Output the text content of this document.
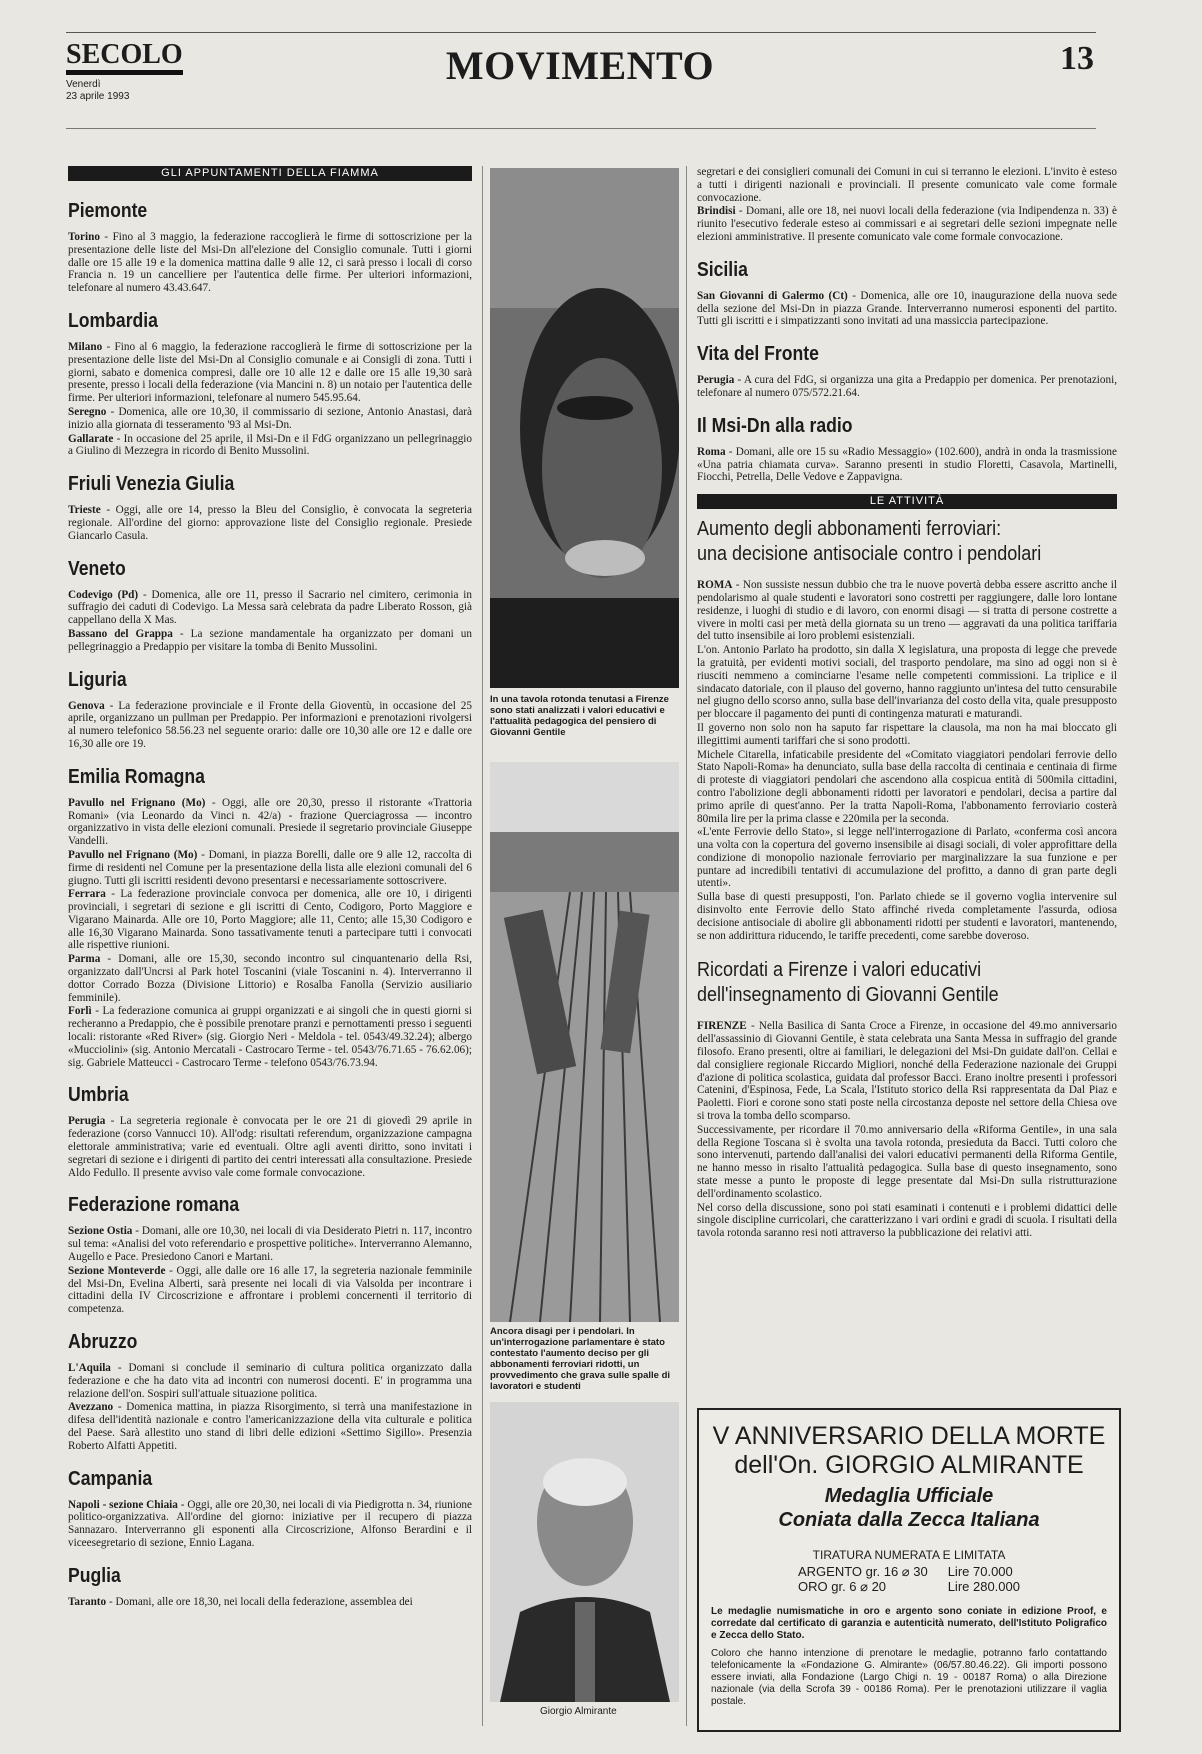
SECOLO
Venerdì
23 aprile 1993
MOVIMENTO	13
GLI APPUNTAMENTI DELLA FIAMMA
Piemonte

Torino - Fino al 3 maggio, la federazione raccoglierà le firme di sottoscrizione per la presentazione delle liste del Msi-Dn all'elezione del Consiglio comunale. Tutti i giorni dalle ore 15 alle 19 e la domenica mattina dalle 9 alle 12, ci sarà presso i locali di corso Francia n. 19 un cancelliere per l'autentica delle firme. Per ulteriori informazioni, telefonare al numero 43.43.647.

Lombardia

Milano - Fino al 6 maggio, la federazione raccoglierà le firme di sottoscrizione per la presentazione delle liste del Msi-Dn al Consiglio comunale e ai Consigli di zona. Tutti i giorni, sabato e domenica compresi, dalle ore 10 alle 12 e dalle ore 15 alle 19,30 sarà presente, presso i locali della federazione (via Mancini n. 8) un notaio per l'autentica delle firme. Per ulteriori informazioni, telefonare al numero 545.95.64.

Seregno - Domenica, alle ore 10,30, il commissario di sezione, Antonio Anastasi, darà inizio alla giornata di tesseramento '93 al Msi-Dn.

Gallarate - In occasione del 25 aprile, il Msi-Dn e il FdG organizzano un pellegrinaggio a Giulino di Mezzegra in ricordo di Benito Mussolini.

Friuli Venezia Giulia

Trieste - Oggi, alle ore 14, presso la Bleu del Consiglio, è convocata la segreteria regionale. All'ordine del giorno: approvazione liste del Consiglio regionale. Presiede Giancarlo Casula.

Veneto

Codevigo (Pd) - Domenica, alle ore 11, presso il Sacrario nel cimitero, cerimonia in suffragio dei caduti di Codevigo. La Messa sarà celebrata da padre Liberato Rosson, già cappellano della X Mas.

Bassano del Grappa - La sezione mandamentale ha organizzato per domani un pellegrinaggio a Predappio per visitare la tomba di Benito Mussolini.

Liguria

Genova - La federazione provinciale e il Fronte della Gioventù, in occasione del 25 aprile, organizzano un pullman per Predappio. Per informazioni e prenotazioni rivolgersi al numero telefonico 58.56.23 nel seguente orario: dalle ore 10,30 alle ore 12 e dalle ore 16,30 alle ore 19.

Emilia Romagna

Pavullo nel Frignano (Mo) - Oggi, alle ore 20,30, presso il ristorante «Trattoria Romani» (via Leonardo da Vinci n. 42/a) - frazione Querciagrossa — incontro organizzativo in vista delle elezioni comunali. Presiede il segretario provinciale Giuseppe Vandelli.

Pavullo nel Frignano (Mo) - Domani, in piazza Borelli, dalle ore 9 alle 12, raccolta di firme di residenti nel Comune per la presentazione della lista alle elezioni comunali del 6 giugno. Tutti gli iscritti residenti devono presentarsi e necessariamente sottoscrivere.

Ferrara - La federazione provinciale convoca per domenica, alle ore 10, i dirigenti provinciali, i segretari di sezione e gli iscritti di Cento, Codigoro, Porto Maggiore e Vigarano Mainarda. Alle ore 10, Porto Maggiore; alle 11, Cento; alle 15,30 Codigoro e alle 16,30 Vigarano Mainarda. Sono tassativamente tenuti a partecipare tutti i convocati alle rispettive riunioni.

Parma - Domani, alle ore 15,30, secondo incontro sul cinquantenario della Rsi, organizzato dall'Uncrsi al Park hotel Toscanini (viale Toscanini n. 4). Interverranno il dottor Corrado Bozza (Divisione Littorio) e Rosalba Fanolla (Servizio ausiliario femminile).

Forlì - La federazione comunica ai gruppi organizzati e ai singoli che in questi giorni si recheranno a Predappio, che è possibile prenotare pranzi e pernottamenti presso i seguenti locali: ristorante «Red River» (sig. Giorgio Neri - Meldola - tel. 0543/49.32.24); albergo «Mucciolini» (sig. Antonio Mercatali - Castrocaro Terme - tel. 0543/76.71.65 - 76.62.06); sig. Gabriele Matteucci - Castrocaro Terme - telefono 0543/76.73.94.

Umbria

Perugia - La segreteria regionale è convocata per le ore 21 di giovedì 29 aprile in federazione (corso Vannucci 10). All'odg: risultati referendum, organizzazione campagna elettorale amministrativa; varie ed eventuali. Oltre agli aventi diritto, sono invitati i segretari di sezione e i dirigenti di partito dei centri interessati alla consultazione. Presiede Aldo Fedullo. Il presente avviso vale come formale convocazione.

Federazione romana

Sezione Ostia - Domani, alle ore 10,30, nei locali di via Desiderato Pietri n. 117, incontro sul tema: «Analisi del voto referendario e prospettive politiche». Interverranno Alemanno, Augello e Pace. Presiedono Canori e Martani.

Sezione Monteverde - Oggi, alle dalle ore 16 alle 17, la segreteria nazionale femminile del Msi-Dn, Evelina Alberti, sarà presente nei locali di via Valsolda per incontrare i cittadini della IV Circoscrizione e affrontare i problemi concernenti il territorio di competenza.

Abruzzo

L'Aquila - Domani si conclude il seminario di cultura politica organizzato dalla federazione e che ha dato vita ad incontri con numerosi docenti. E' in programma una relazione dell'on. Sospiri sull'attuale situazione politica.

Avezzano - Domenica mattina, in piazza Risorgimento, si terrà una manifestazione in difesa dell'identità nazionale e contro l'americanizzazione della vita culturale e politica del Paese. Sarà allestito uno stand di libri delle edizioni «Settimo Sigillo». Presenzia Roberto Alfatti Appetiti.

Campania

Napoli - sezione Chiaia - Oggi, alle ore 20,30, nei locali di via Piedigrotta n. 34, riunione politico-organizzativa. All'ordine del giorno: iniziative per il recupero di piazza Sannazaro. Interverranno gli esponenti alla Circoscrizione, Alfonso Berardini e il viceesegretario di sezione, Ennio Lagana.

Puglia

Taranto - Domani, alle ore 18,30, nei locali della federazione, assemblea dei

In una tavola rotonda tenutasi a Firenze sono stati analizzati i valori educativi e l'attualità pedagogica del pensiero di Giovanni Gentile
Ancora disagi per i pendolari. In un'interrogazione parlamentare è stato contestato l'aumento deciso per gli abbonamenti ferroviari ridotti, un provvedimento che grava sulle spalle di lavoratori e studenti
Giorgio Almirante

segretari e dei consiglieri comunali dei Comuni in cui si terranno le elezioni. L'invito è esteso a tutti i dirigenti nazionali e provinciali. Il presente comunicato vale come formale convocazione.

Brindisi - Domani, alle ore 18, nei nuovi locali della federazione (via Indipendenza n. 33) è riunito l'esecutivo federale esteso ai commissari e ai segretari delle sezioni impegnate nelle elezioni amministrative. Il presente comunicato vale come formale convocazione.

Sicilia

San Giovanni di Galermo (Ct) - Domenica, alle ore 10, inaugurazione della nuova sede della sezione del Msi-Dn in piazza Grande. Interverranno numerosi esponenti del partito. Tutti gli iscritti e i simpatizzanti sono invitati ad una massiccia partecipazione.

Vita del Fronte

Perugia - A cura del FdG, si organizza una gita a Predappio per domenica. Per prenotazioni, telefonare al numero 075/572.21.64.

Il Msi-Dn alla radio

Roma - Domani, alle ore 15 su «Radio Messaggio» (102.600), andrà in onda la trasmissione «Una patria chiamata curva». Saranno presenti in studio Floretti, Casavola, Martinelli, Fiocchi, Petrella, Delle Vedove e Zappavigna.

LE ATTIVITÀ
Aumento degli abbonamenti ferroviari:
una decisione antisociale contro i pendolari

ROMA - Non sussiste nessun dubbio che tra le nuove povertà debba essere ascritto anche il pendolarismo al quale studenti e lavoratori sono costretti per raggiungere, dalle loro lontane residenze, i luoghi di studio e di lavoro, con enormi disagi — si tratta di persone costrette a vivere in molti casi per metà della giornata su un treno — aggravati da una politica tariffaria del tutto insensibile ai loro problemi esistenziali.

L'on. Antonio Parlato ha prodotto, sin dalla X legislatura, una proposta di legge che prevede la gratuità, per evidenti motivi sociali, del trasporto pendolare, ma sino ad oggi non si è riusciti nemmeno a cominciarne l'esame nelle competenti commissioni. La triplice e il sindacato datoriale, con il plauso del governo, hanno raggiunto un'intesa del tutto censurabile nel giugno dello scorso anno, sulla base dell'invarianza del costo della vita, quale presupposto per bloccare il pagamento dei punti di contingenza maturati e maturandi.

Il governo non solo non ha saputo far rispettare la clausola, ma non ha mai bloccato gli illegittimi aumenti tariffari che si sono prodotti.

Michele Citarella, infaticabile presidente del «Comitato viaggiatori pendolari ferrovie dello Stato Napoli-Roma» ha denunciato, sulla base della raccolta di centinaia e centinaia di firme di proteste di viaggiatori pendolari che ascendono alla cospicua entità di 500mila cittadini, contro l'abolizione degli abbonamenti ridotti per lavoratori e pendolari, decisa a partire dal primo aprile di quest'anno. Per la tratta Napoli-Roma, l'abbonamento ferroviario costerà 80mila lire per la prima classe e 220mila per la seconda.

«L'ente Ferrovie dello Stato», si legge nell'interrogazione di Parlato, «conferma così ancora una volta con la copertura del governo insensibile ai disagi sociali, di voler approfittare della condizione di monopolio nazionale ferroviario per marginalizzare la sua funzione e per puntare ad incredibili tentativi di accumulazione del profitto, a danno di gran parte degli utenti».

Sulla base di questi presupposti, l'on. Parlato chiede se il governo voglia intervenire sul disinvolto ente Ferrovie dello Stato affinché riveda completamente l'assurda, odiosa decisione antisociale di abolire gli abbonamenti ridotti per studenti e lavoratori, mantenendo, se non addirittura riducendo, le tariffe precedenti, come sarebbe doveroso.

Ricordati a Firenze i valori educativi
dell'insegnamento di Giovanni Gentile

FIRENZE - Nella Basilica di Santa Croce a Firenze, in occasione del 49.mo anniversario dell'assassinio di Giovanni Gentile, è stata celebrata una Santa Messa in suffragio del grande filosofo. Erano presenti, oltre ai familiari, le delegazioni del Msi-Dn guidate dall'on. Cellai e dal consigliere regionale Riccardo Migliori, nonché della Federazione nazionale dei Gruppi d'azione di politica scolastica, guidata dal professor Bacci. Erano inoltre presenti i professori Catenini, d'Espinosa, Fede, La Scala, l'Istituto storico della Rsi rappresentata da Dal Piaz e Paoletti. Fiori e corone sono stati poste nella circostanza deposte nel settore della Chiesa ove si trova la tomba dello scomparso.

Successivamente, per ricordare il 70.mo anniversario della «Riforma Gentile», in una sala della Regione Toscana si è svolta una tavola rotonda, presieduta da Bacci. Tutti coloro che sono intervenuti, partendo dall'analisi dei valori educativi permanenti della Riforma Gentile, ne hanno messo in risalto l'attualità pedagogica. Sulla base di questo insegnamento, sono state messe a punto le proposte di legge presentate dal Msi-Dn sulla ristrutturazione dell'ordinamento scolastico.

Nel corso della discussione, sono poi stati esaminati i contenuti e i problemi didattici delle singole discipline curricolari, che caratterizzano i vari ordini e gradi di scuola. I risultati della tavola rotonda saranno resi noti attraverso la pubblicazione dei relativi atti.

V ANNIVERSARIO DELLA MORTE
dell'On. GIORGIO ALMIRANTE
Medaglia Ufficiale
Coniata dalla Zecca Italiana
TIRATURA NUMERATA E LIMITATA
ARGENTO gr. 16 ⌀ 30	Lire 70.000
ORO gr. 6 ⌀ 20	Lire 280.000
Le medaglie numismatiche in oro e argento sono coniate in edizione Proof, e corredate dal certificato di garanzia e autenticità numerato, dell'Istituto Poligrafico e Zecca dello Stato.
Coloro che hanno intenzione di prenotare le medaglie, potranno farlo contattando telefonicamente la «Fondazione G. Almirante» (06/57.80.46.22). Gli importi possono essere inviati, alla Fondazione (Largo Chigi n. 19 - 00187 Roma) o alla Direzione nazionale (via della Scrofa 39 - 00186 Roma). Per le prenotazioni utilizzare il vaglia postale.
